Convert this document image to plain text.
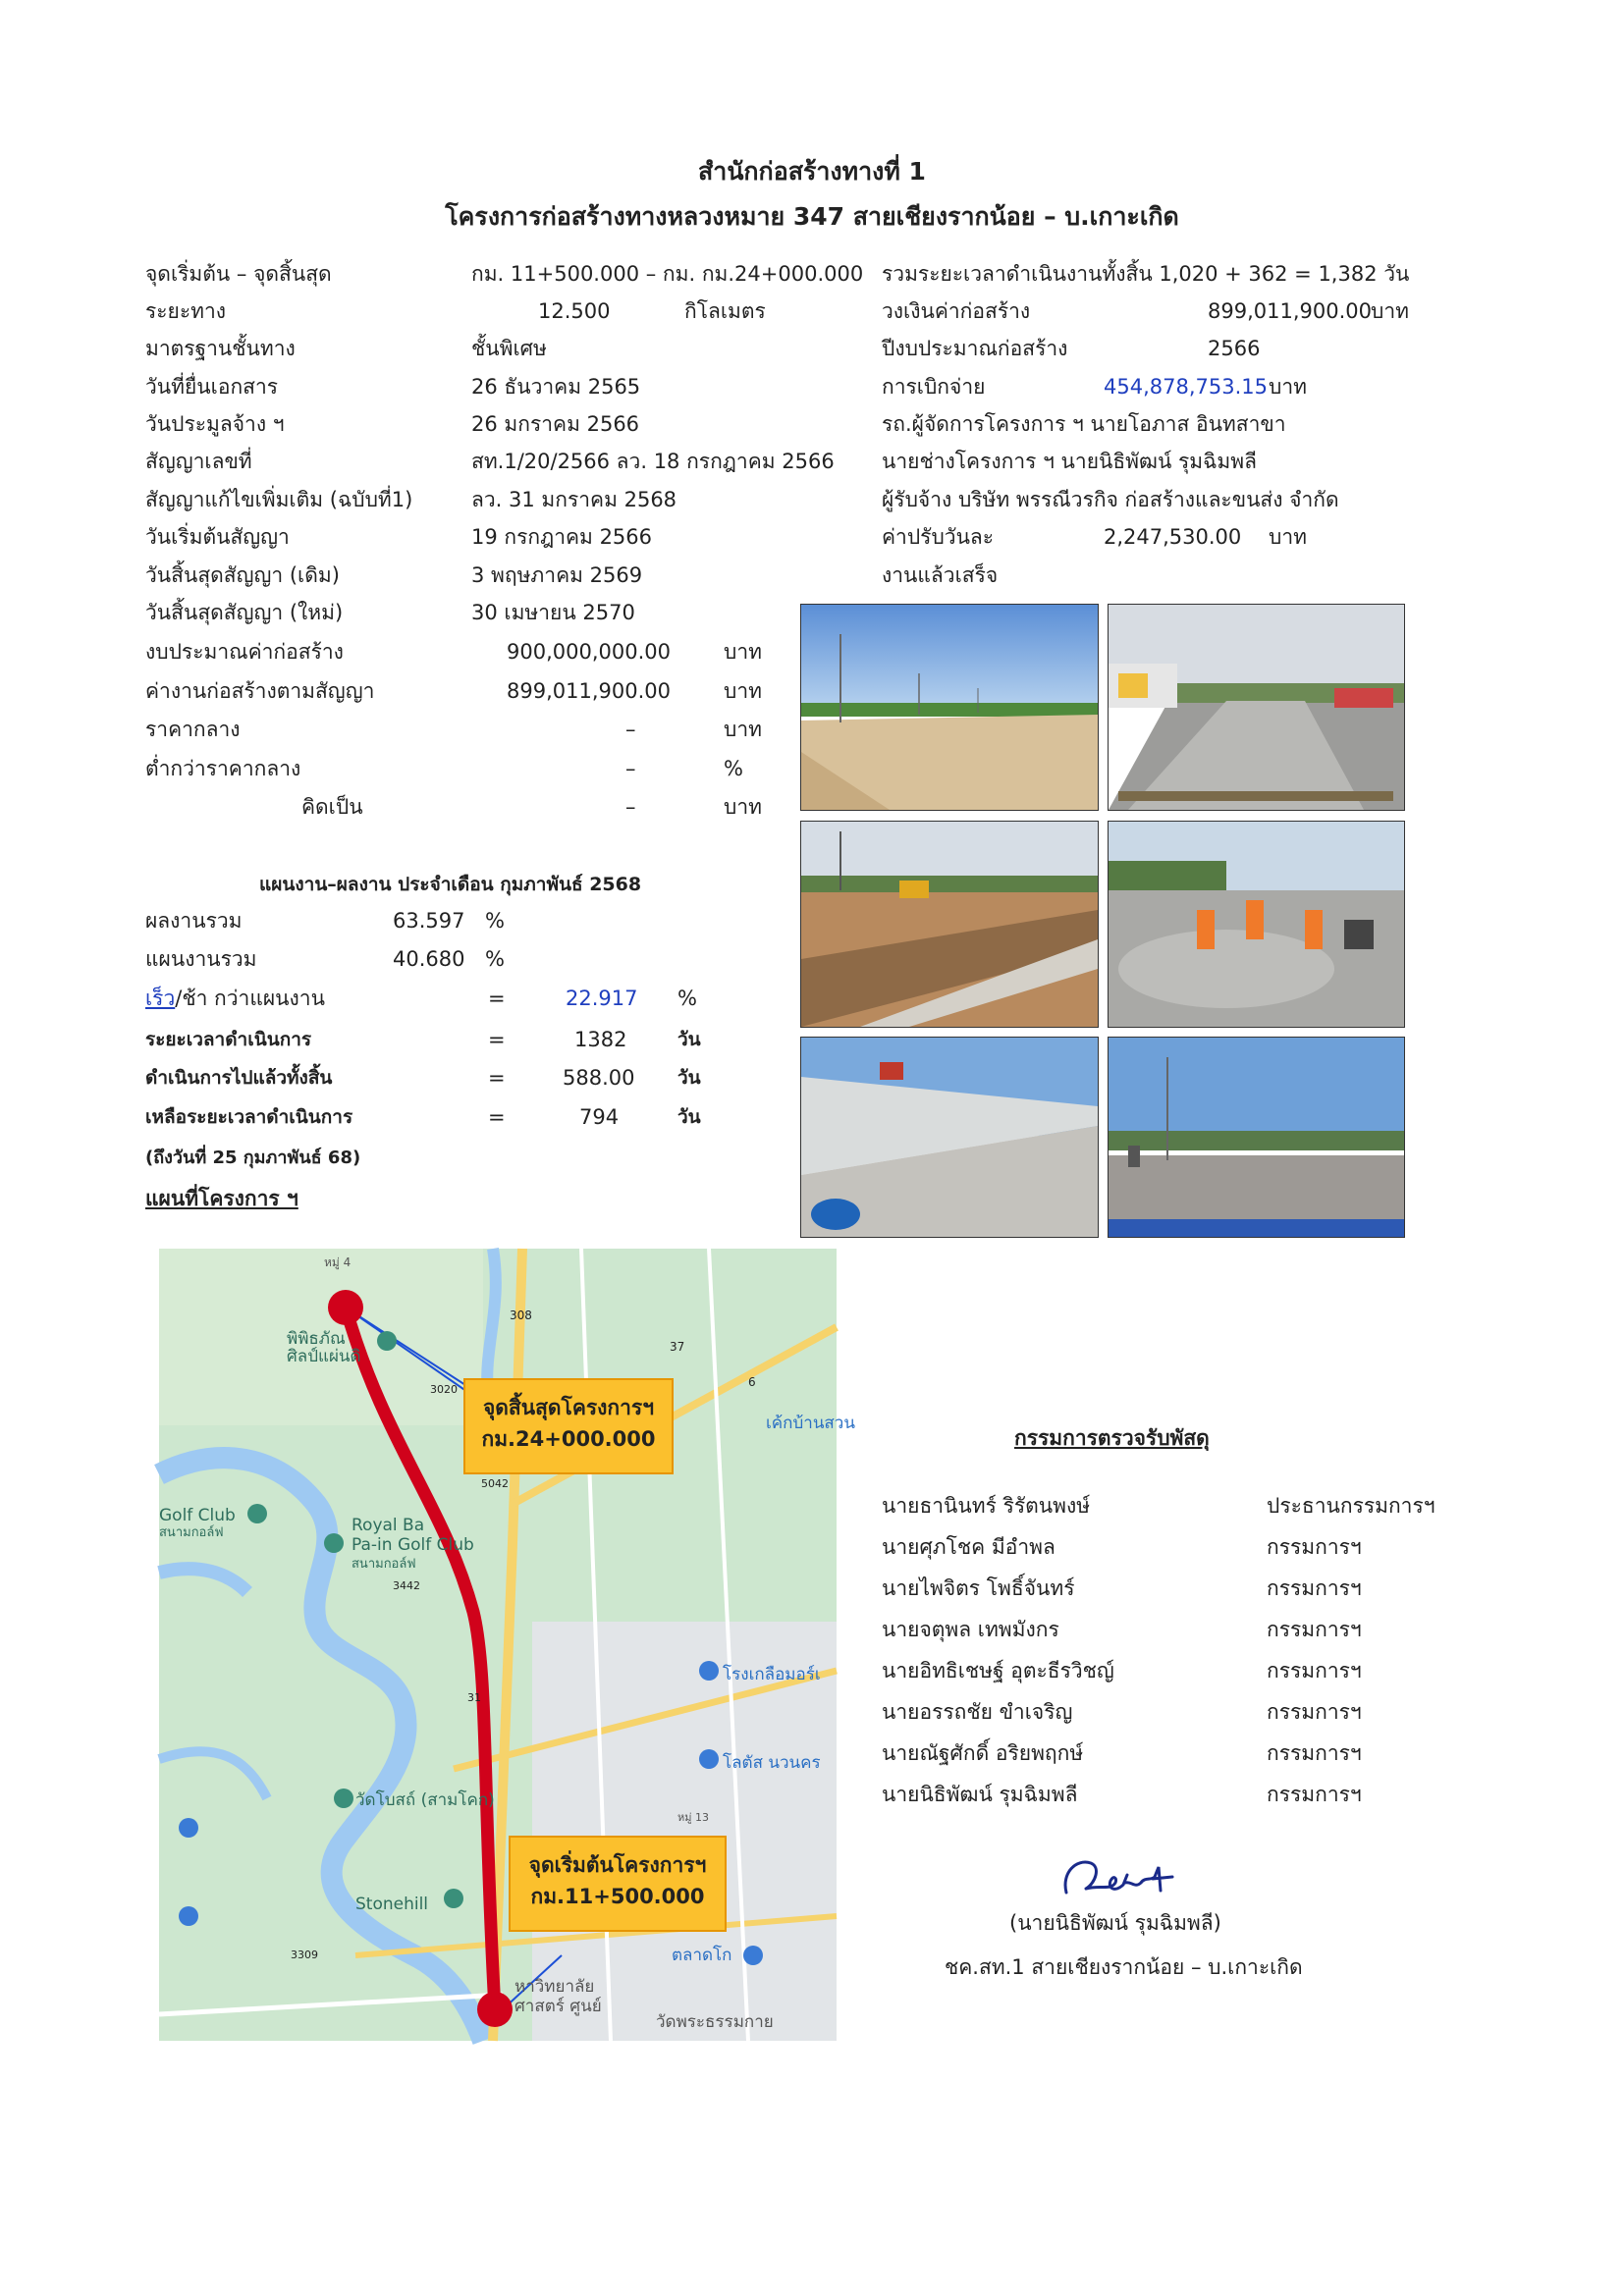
สำนักก่อสร้างทางที่ 1
โครงการก่อสร้างทางหลวงหมาย 347 สายเชียงรากน้อย – บ.เกาะเกิด
จุดเริ่มต้น – จุดสิ้นสุด	กม. 11+500.000 – กม. กม.24+000.000
ระยะทาง	12.500	กิโลเมตร
มาตรฐานชั้นทาง	ชั้นพิเศษ
วันที่ยื่นเอกสาร	26 ธันวาคม 2565
วันประมูลจ้าง ฯ	26 มกราคม 2566
สัญญาเลขที่	สท.1/20/2566 ลว. 18 กรกฎาคม 2566
สัญญาแก้ไขเพิ่มเติม (ฉบับที่1)	ลว. 31 มกราคม 2568
วันเริ่มต้นสัญญา	19 กรกฎาคม 2566
วันสิ้นสุดสัญญา (เดิม)	3 พฤษภาคม 2569
วันสิ้นสุดสัญญา (ใหม่)	30 เมษายน 2570
งบประมาณค่าก่อสร้าง	900,000,000.00	บาท
ค่างานก่อสร้างตามสัญญา	899,011,900.00	บาท
ราคากลาง	–	บาท
ต่ำกว่าราคากลาง	–	%
คิดเป็น	–	บาท
รวมระยะเวลาดำเนินงานทั้งสิ้น 1,020 + 362 = 1,382 วัน
วงเงินค่าก่อสร้าง	899,011,900.00 บาท
ปีงบประมาณก่อสร้าง	2566
การเบิกจ่าย	454,878,753.15 บาท
รถ.ผู้จัดการโครงการ ฯ นายโอภาส อินทสาขา
นายช่างโครงการ ฯ นายนิธิพัฒน์ รุมฉิมพลี
ผู้รับจ้าง บริษัท พรรณีวรกิจ ก่อสร้างและขนส่ง จำกัด
ค่าปรับวันละ	2,247,530.00 บาท
งานแล้วเสร็จ
แผนงาน–ผลงาน ประจำเดือน กุมภาพันธ์ 2568
ผลงานรวม	63.597 %
แผนงานรวม	40.680 %
เร็ว/ช้า กว่าแผนงาน	=	22.917 %
ระยะเวลาดำเนินการ	=	1382	วัน
ดำเนินการไปแล้วทั้งสิ้น	=	588.00 วัน
เหลือระยะเวลาดำเนินการ	=	794	วัน
(ถึงวันที่ 25 กุมภาพันธ์ 68)
แผนที่โครงการ ฯ
หมู่ 4
พิพิธภัณ
ศิลป์แผ่นดิ
308
37
6
เค้กบ้านสวน
3020
5042
Golf Club
สนามกอล์ฟ	Royal Ba
Pa-in Golf Club
สนามกอล์ฟ
3442
โรงเกลือมอร์เ
โลตัส นวนคร
วัดโบสถ์ (สามโคก)
31
หมู่ 13
Stonehill
3309	ตลาดโก
หาวิทยาลัย
ศาสตร์ ศูนย์
วัดพระธรรมกาย
จุดสิ้นสุดโครงการฯ
กม.24+000.000
จุดเริ่มต้นโครงการฯ
กม.11+500.000
กรรมการตรวจรับพัสดุ
นายธานินทร์ ริรัตนพงษ์	ประธานกรรมการฯ
นายศุภโชค มีอำพล	กรรมการฯ
นายไพจิตร โพธิ์จันทร์	กรรมการฯ
นายจตุพล เทพมังกร	กรรมการฯ
นายอิทธิเชษฐ์ อุตะธีรวิชญ์	กรรมการฯ
นายอรรถชัย ขำเจริญ	กรรมการฯ
นายณัฐศักดิ์ อริยพฤกษ์	กรรมการฯ
นายนิธิพัฒน์ รุมฉิมพลี	กรรมการฯ
(นายนิธิพัฒน์ รุมฉิมพลี)
ชค.สท.1 สายเชียงรากน้อย – บ.เกาะเกิด
